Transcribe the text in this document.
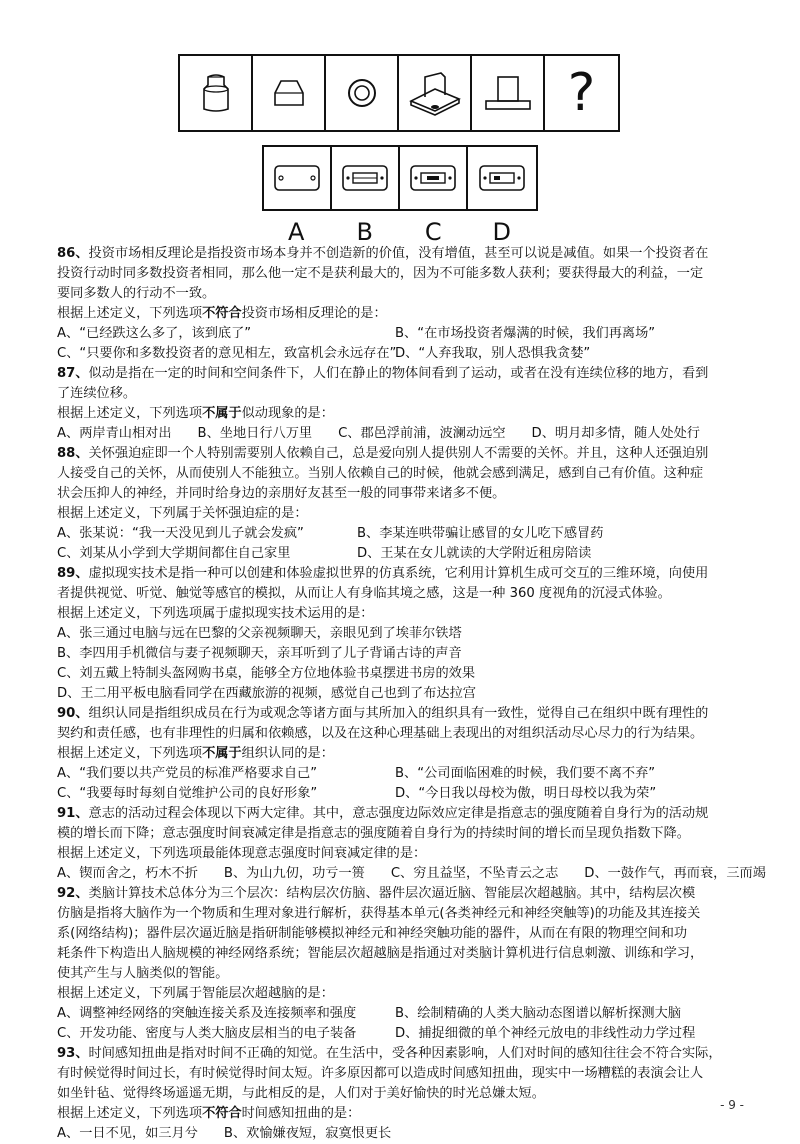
?
A	B	C	D
86、投资市场相反理论是指投资市场本身并不创造新的价值，没有增值，甚至可以说是减值。如果一个投资者在
投资行动时同多数投资者相同，那么他一定不是获利最大的，因为不可能多数人获利；要获得最大的利益，一定
要同多数人的行动不一致。
根据上述定义，下列选项不符合投资市场相反理论的是：
A、“已经跌这么多了，该到底了”	B、“在市场投资者爆满的时候，我们再离场”
C、“只要你和多数投资者的意见相左，致富机会永远存在”
D、“人弃我取，别人恐惧我贪婪”
87、似动是指在一定的时间和空间条件下，人们在静止的物体间看到了运动，或者在没有连续位移的地方，看到
了连续位移。
根据上述定义，下列选项不属于似动现象的是：
A、两岸青山相对出 B、坐地日行八万里 C、郡邑浮前浦，波澜动远空 D、明月却多情，随人处处行
88、关怀强迫症即一个人特别需要别人依赖自己，总是爱向别人提供别人不需要的关怀。并且，这种人还强迫别
人接受自己的关怀，从而使别人不能独立。当别人依赖自己的时候，他就会感到满足，感到自己有价值。这种症
状会压抑人的神经，并同时给身边的亲朋好友甚至一般的同事带来诸多不便。
根据上述定义，下列属于关怀强迫症的是：
A、张某说：“我一天没见到儿子就会发疯”	B、李某连哄带骗让感冒的女儿吃下感冒药
C、刘某从小学到大学期间都住自己家里	D、王某在女儿就读的大学附近租房陪读
89、虚拟现实技术是指一种可以创建和体验虚拟世界的仿真系统，它利用计算机生成可交互的三维环境，向使用
者提供视觉、听觉、触觉等感官的模拟，从而让人有身临其境之感，这是一种 360 度视角的沉浸式体验。
根据上述定义，下列选项属于虚拟现实技术运用的是：
A、张三通过电脑与远在巴黎的父亲视频聊天，亲眼见到了埃菲尔铁塔
B、李四用手机微信与妻子视频聊天，亲耳听到了儿子背诵古诗的声音
C、刘五戴上特制头盔网购书桌，能够全方位地体验书桌摆进书房的效果
D、王二用平板电脑看同学在西藏旅游的视频，感觉自己也到了布达拉宫
90、组织认同是指组织成员在行为或观念等诸方面与其所加入的组织具有一致性，觉得自己在组织中既有理性的
契约和责任感，也有非理性的归属和依赖感，以及在这种心理基础上表现出的对组织活动尽心尽力的行为结果。
根据上述定义，下列选项不属于组织认同的是：
A、“我们要以共产党员的标准严格要求自己”	B、“公司面临困难的时候，我们要不离不弃”
C、“我要每时每刻自觉维护公司的良好形象”	D、“今日我以母校为傲，明日母校以我为荣”
91、意志的活动过程会体现以下两大定律。其中，意志强度边际效应定律是指意志的强度随着自身行为的活动规
模的增长而下降；意志强度时间衰减定律是指意志的强度随着自身行为的持续时间的增长而呈现负指数下降。
根据上述定义，下列选项最能体现意志强度时间衰减定律的是：
A、锲而舍之，朽木不折 B、为山九仞，功亏一篑 C、穷且益坚，不坠青云之志 D、一鼓作气，再而衰，三而竭
92、类脑计算技术总体分为三个层次：结构层次仿脑、器件层次逼近脑、智能层次超越脑。其中，结构层次模
仿脑是指将大脑作为一个物质和生理对象进行解析，获得基本单元(各类神经元和神经突触等)的功能及其连接关
系(网络结构)；器件层次逼近脑是指研制能够模拟神经元和神经突触功能的器件，从而在有限的物理空间和功
耗条件下构造出人脑规模的神经网络系统；智能层次超越脑是指通过对类脑计算机进行信息刺激、训练和学习，
使其产生与人脑类似的智能。
根据上述定义，下列属于智能层次超越脑的是：
A、调整神经网络的突触连接关系及连接频率和强度	B、绘制精确的人类大脑动态图谱以解析探测大脑
C、开发功能、密度与人类大脑皮层相当的电子装备	D、捕捉细微的单个神经元放电的非线性动力学过程
93、时间感知扭曲是指对时间不正确的知觉。在生活中，受各种因素影响，人们对时间的感知往往会不符合实际，
有时候觉得时间过长，有时候觉得时间太短。许多原因都可以造成时间感知扭曲，现实中一场糟糕的表演会让人
如坐针毡、觉得终场遥遥无期，与此相反的是，人们对于美好愉快的时光总嫌太短。
根据上述定义，下列选项不符合时间感知扭曲的是：
A、一日不见，如三月兮 B、欢愉嫌夜短，寂寞恨更长
- 9 -
